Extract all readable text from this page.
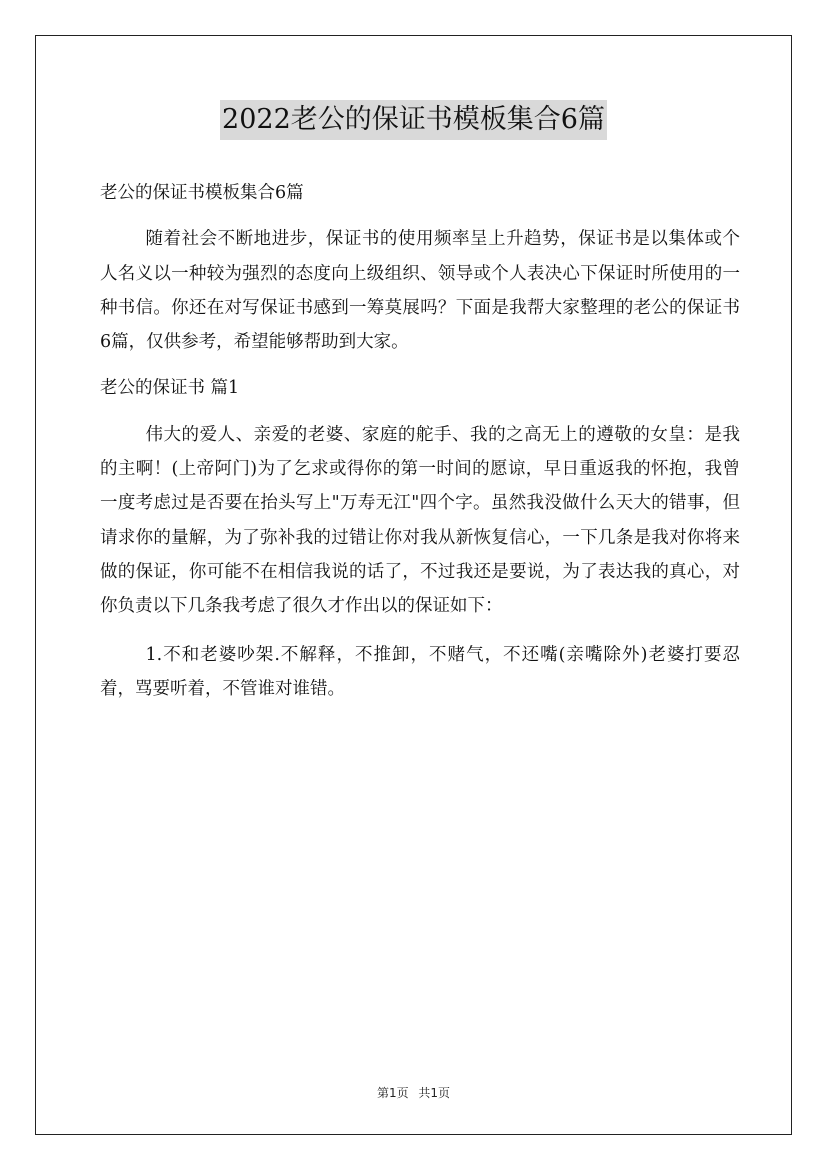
2022老公的保证书模板集合6篇

老公的保证书模板集合6篇

随着社会不断地进步，保证书的使用频率呈上升趋势，保证书是以集体或个人名义以一种较为强烈的态度向上级组织、领导或个人表决心下保证时所使用的一种书信。你还在对写保证书感到一筹莫展吗？下面是我帮大家整理的老公的保证书6篇，仅供参考，希望能够帮助到大家。

老公的保证书 篇1

伟大的爱人、亲爱的老婆、家庭的舵手、我的之高无上的遵敬的女皇：是我的主啊！(上帝阿门)为了乞求或得你的第一时间的愿谅，早日重返我的怀抱，我曾一度考虑过是否要在抬头写上"万寿无江"四个字。虽然我没做什么天大的错事，但请求你的量解，为了弥补我的过错让你对我从新恢复信心，一下几条是我对你将来做的保证，你可能不在相信我说的话了，不过我还是要说，为了表达我的真心，对你负责以下几条我考虑了很久才作出以的保证如下：

1.不和老婆吵架.不解释，不推卸，不赌气，不还嘴(亲嘴除外)老婆打要忍着，骂要听着，不管谁对谁错。

第1页 共1页
